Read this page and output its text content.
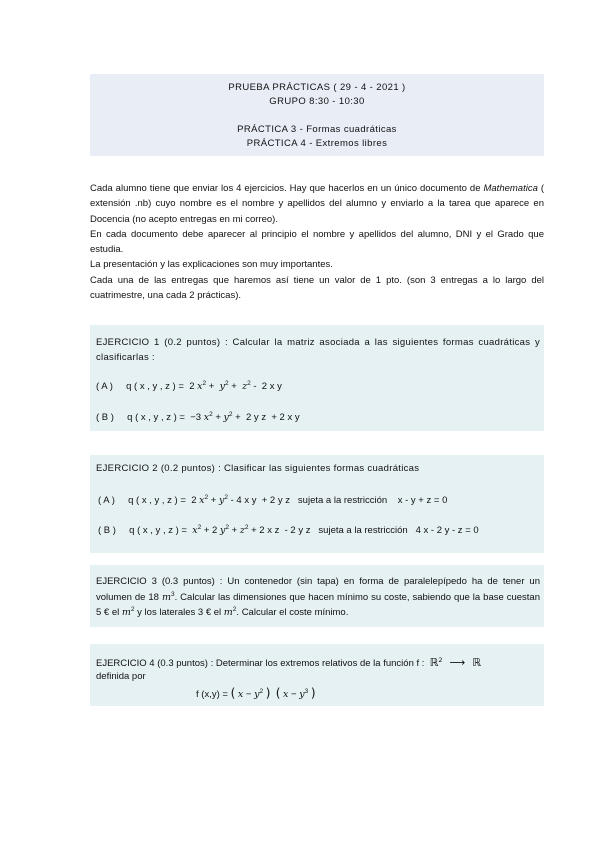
PRUEBA PRÁCTICAS ( 29 - 4 - 2021 )
GRUPO 8:30 - 10:30
PRÁCTICA 3 - Formas cuadráticas
PRÁCTICA 4 - Extremos libres

Cada alumno tiene que enviar los 4 ejercicios. Hay que hacerlos en un único documento de Mathematica ( extensión .nb) cuyo nombre es el nombre y apellidos del alumno y enviarlo a la tarea que aparece en Docencia (no acepto entregas en mi correo).

En cada documento debe aparecer al principio el nombre y apellidos del alumno, DNI y el Grado que estudia.

La presentación y las explicaciones son muy importantes.

Cada una de las entregas que haremos así tiene un valor de 1 pto. (son 3 entregas a lo largo del cuatrimestre, una cada 2 prácticas).

EJERCICIO 1 (0.2 puntos) : Calcular la matriz asociada a las siguientes formas cuadráticas y clasificarlas :
( A ) q ( x , y , z ) = 2 $x^2 + y^2 + z^2 - 2$ x y
( B ) q ( x , y , z ) = −3 $x^2 + y^2 + 2$ y z  + 2 x y
EJERCICIO 2 (0.2 puntos) : Clasificar las siguientes formas cuadráticas
( A ) q ( x , y , z ) = 2 $x^2 + y^2 - 4$ x y  + 2 y z sujeta a la restricción x - y + z = 0
( B ) q ( x , y , z ) = $x^2 + 2$ $y^2 + z^2 + 2$ x z  - 2 y z sujeta a la restricción 4 x - 2 y - z = 0
EJERCICIO 3 (0.3 puntos) : Un contenedor (sin tapa) en forma de paralelepípedo ha de tener un volumen de 18 $m^3$. Calcular las dimensiones que hacen mínimo su coste, sabiendo que la base cuestan 5 € el $m^2$ y los laterales 3 € el $m^2$. Calcular el coste mínimo.
EJERCICIO 4 (0.3 puntos) : Determinar los extremos relativos de la función f : ℝ$^2$  ⟶  ℝ
definida por
f (x,y) = ( $x - y^2$ ) ( $x - y^3$ )
